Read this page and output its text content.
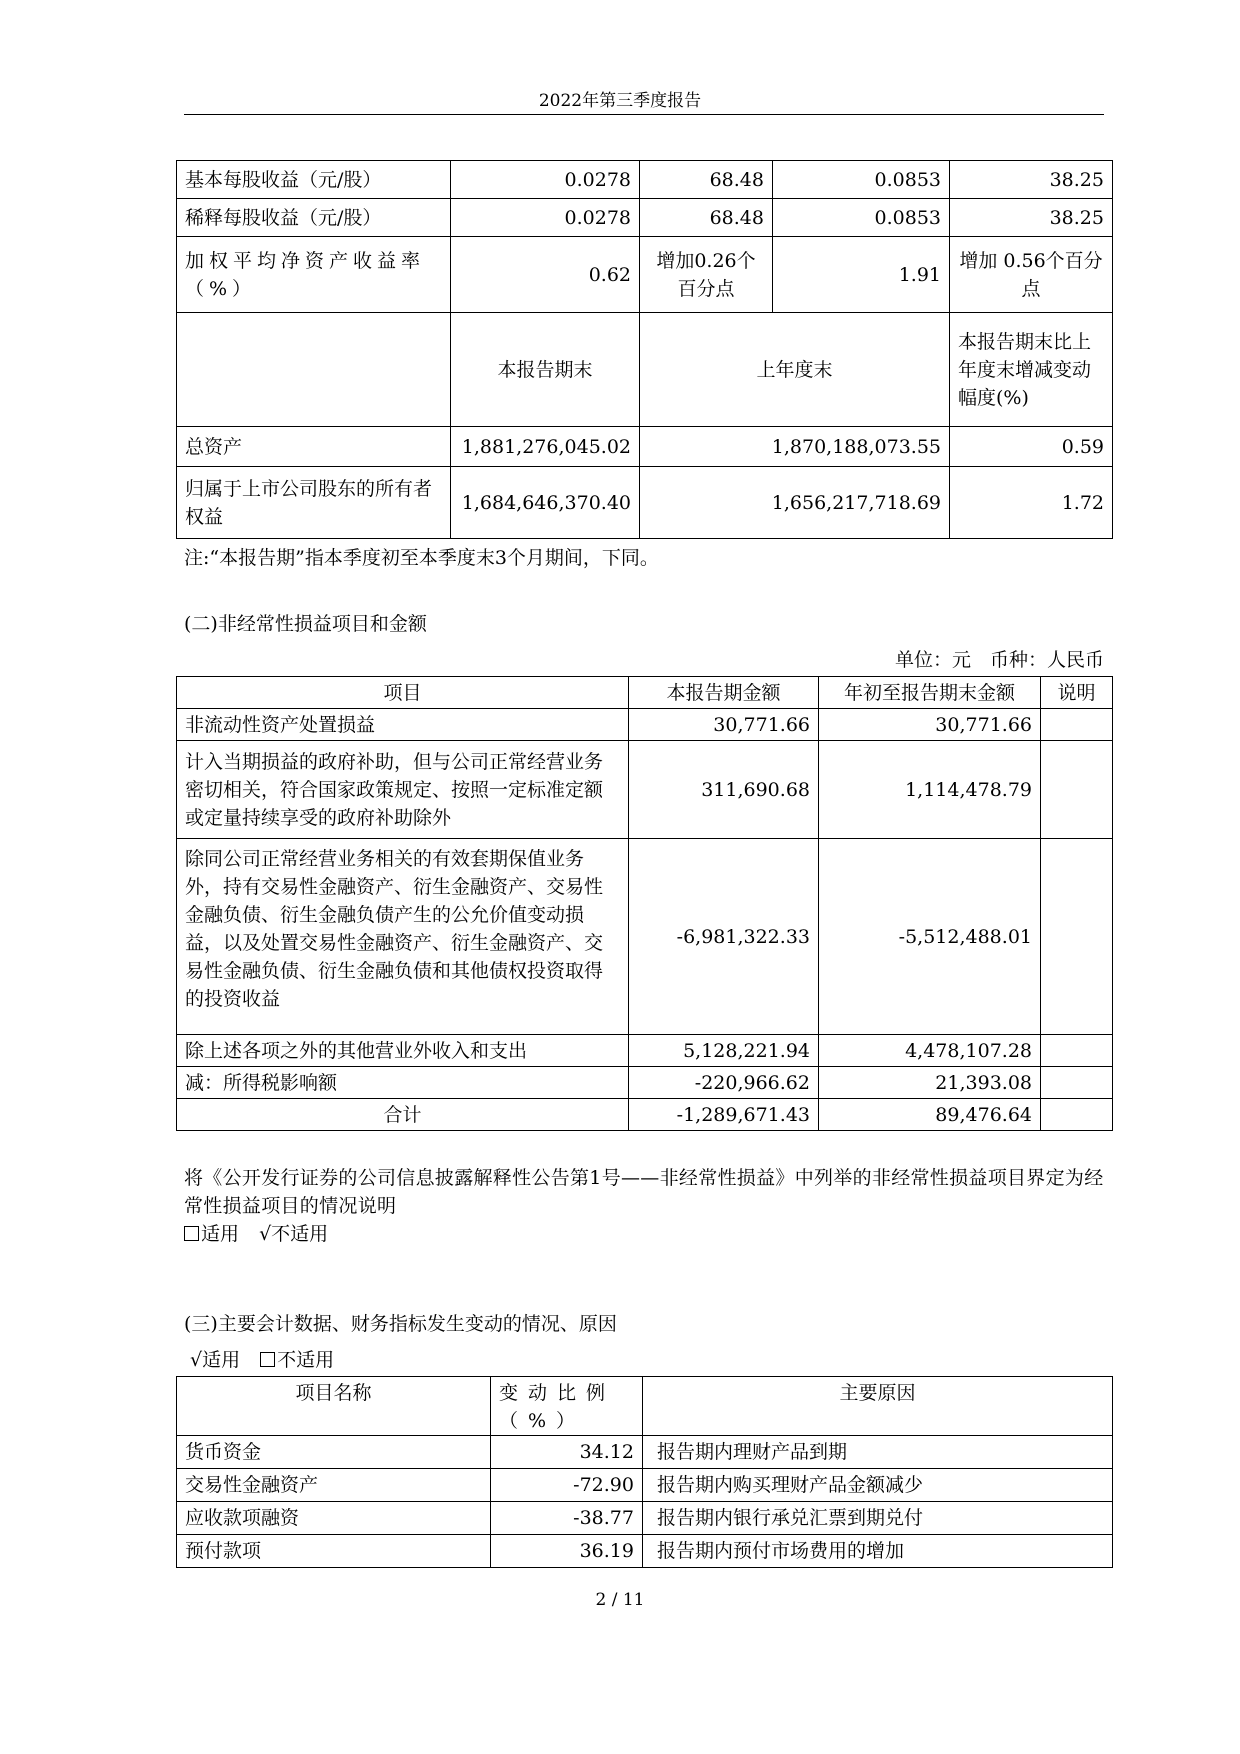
2022年第三季度报告
基本每股收益（元/股）	0.0278	68.48	0.0853	38.25
稀释每股收益（元/股）	0.0278	68.48	0.0853	38.25
加权平均净资产收益率（%）	0.62	增加0.26个百分点	1.91	增加 0.56个百分点
	本报告期末	上年度末		本报告期末比上年度末增减变动幅度(%)
总资产	1,881,276,045.02	1,870,188,073.55		0.59
归属于上市公司股东的所有者权益	1,684,646,370.40	1,656,217,718.69		1.72
注:“本报告期”指本季度初至本季度末3个月期间，下同。
(二)非经常性损益项目和金额
单位：元　币种：人民币
项目	本报告期金额	年初至报告期末金额	说明
非流动性资产处置损益	30,771.66	30,771.66	
计入当期损益的政府补助，但与公司正常经营业务密切相关，符合国家政策规定、按照一定标准定额或定量持续享受的政府补助除外	311,690.68	1,114,478.79	
除同公司正常经营业务相关的有效套期保值业务外，持有交易性金融资产、衍生金融资产、交易性金融负债、衍生金融负债产生的公允价值变动损益，以及处置交易性金融资产、衍生金融资产、交易性金融负债、衍生金融负债和其他债权投资取得的投资收益	-6,981,322.33	-5,512,488.01	
除上述各项之外的其他营业外收入和支出	5,128,221.94	4,478,107.28	
减：所得税影响额	-220,966.62	21,393.08	
合计	-1,289,671.43	89,476.64	
将《公开发行证券的公司信息披露解释性公告第1号——非经常性损益》中列举的非经常性损益项目界定为经常性损益项目的情况说明
适用 √不适用
(三)主要会计数据、财务指标发生变动的情况、原因
√适用 不适用
项目名称	变动比例（%）	主要原因
货币资金	34.12	报告期内理财产品到期
交易性金融资产	-72.90	报告期内购买理财产品金额减少
应收款项融资	-38.77	报告期内银行承兑汇票到期兑付
预付款项	36.19	报告期内预付市场费用的增加
2 / 11
